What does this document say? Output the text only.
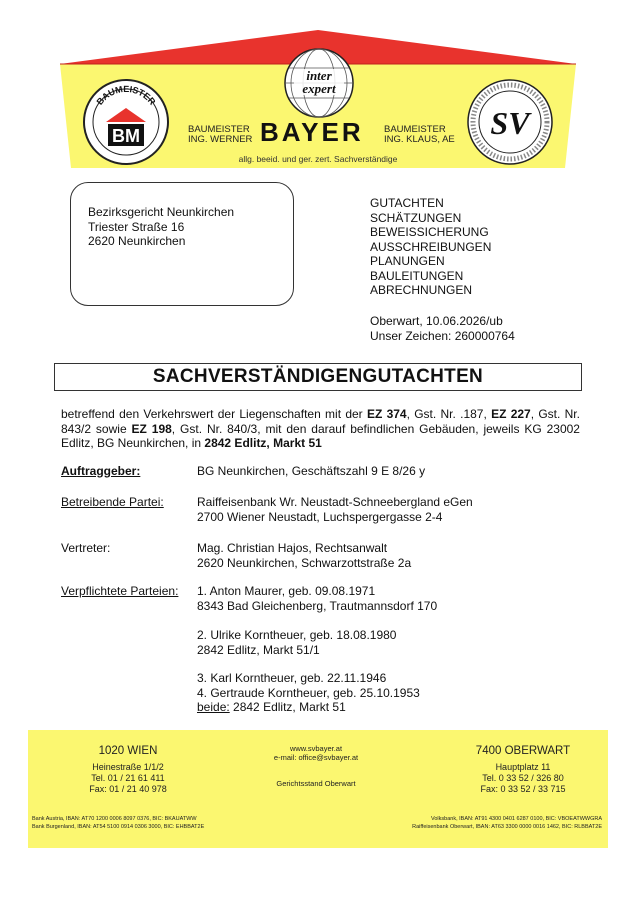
BAUMEISTER
BM
inter
expert
SV
BAUMEISTER
ING. WERNER BAYER BAUMEISTER
ING. KLAUS, AE
allg. beeid. und ger. zert. Sachverständige
Bezirksgericht Neunkirchen
Triester Straße 16
2620 Neunkirchen
GUTACHTEN
SCHÄTZUNGEN
BEWEISSICHERUNG
AUSSCHREIBUNGEN
PLANUNGEN
BAULEITUNGEN
ABRECHNUNGEN
Oberwart, 10.06.2026/ub
Unser Zeichen: 260000764
SACHVERSTÄNDIGENGUTACHTEN
betreffend den Verkehrswert der Liegenschaften mit der EZ 374, Gst. Nr. .187, EZ 227, Gst. Nr. 843/2 sowie EZ 198, Gst. Nr. 840/3, mit den darauf befindlichen Gebäuden, jeweils KG 23002 Edlitz, BG Neunkirchen, in 2842 Edlitz, Markt 51
Auftraggeber:	BG Neunkirchen, Geschäftszahl 9 E 8/26 y
Betreibende Partei:	Raiffeisenbank Wr. Neustadt-Schneebergland eGen
2700 Wiener Neustadt, Luchspergergasse 2-4
Vertreter:	Mag. Christian Hajos, Rechtsanwalt
2620 Neunkirchen, Schwarzottstraße 2a
Verpflichtete Parteien: 1. Anton Maurer, geb. 09.08.1971
8343 Bad Gleichenberg, Trautmannsdorf 170
2. Ulrike Korntheuer, geb. 18.08.1980
2842 Edlitz, Markt 51/1
3. Karl Korntheuer, geb. 22.11.1946
4. Gertraude Korntheuer, geb. 25.10.1953
beide: 2842 Edlitz, Markt 51
1020 WIEN
Heinestraße 1/1/2
Tel. 01 / 21 61 411
Fax: 01 / 21 40 978
www.svbayer.at
e-mail: office@svbayer.at
Gerichtsstand Oberwart
7400 OBERWART
Hauptplatz 11
Tel. 0 33 52 / 326 80
Fax: 0 33 52 / 33 715
Bank Austria, IBAN: AT70 1200 0006 8097 0376, BIC: BKAUATWW
Bank Burgenland, IBAN: AT54 5100 0914 0306 3000, BIC: EHBBAT2E
Volksbank, IBAN: AT91 4300 0401 6287 0100, BIC: VBOEATWWGRA
Raiffeisenbank Oberwart, IBAN: AT63 3300 0000 0016 1462, BIC: RLBBAT2E
